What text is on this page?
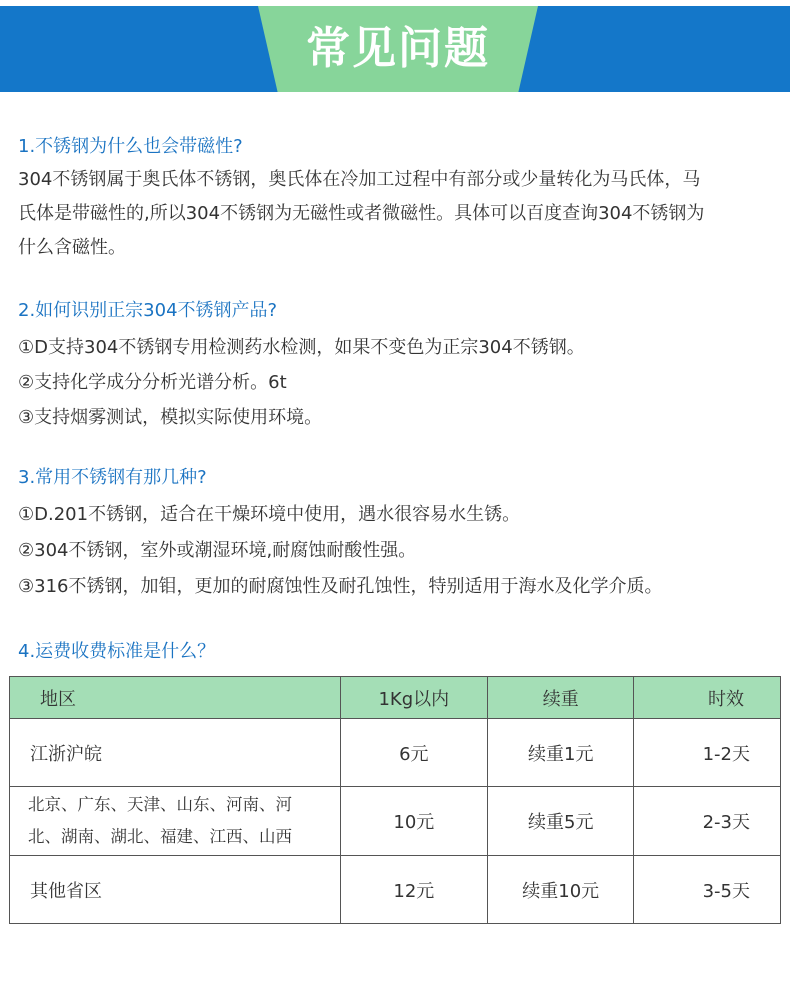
常见问题
1.不锈钢为什么也会带磁性?
304不锈钢属于奥氏体不锈钢，奥氏体在冷加工过程中有部分或少量转化为马氏体，马
氏体是带磁性的,所以304不锈钢为无磁性或者微磁性。具体可以百度查询304不锈钢为
什么含磁性。
2.如何识别正宗304不锈钢产品?
①D支持304不锈钢专用检测药水检测，如果不变色为正宗304不锈钢。
②支持化学成分分析光谱分析。6t
③支持烟雾测试，模拟实际使用环境。
3.常用不锈钢有那几种?
①D.201不锈钢，适合在干燥环境中使用，遇水很容易水生锈。
②304不锈钢，室外或潮湿环境,耐腐蚀耐酸性强。
③316不锈钢，加钼，更加的耐腐蚀性及耐孔蚀性，特别适用于海水及化学介质。
4.运费收费标准是什么？
地区	1Kg以内	续重	时效
江浙沪皖	6元	续重1元	1-2天

北京、广东、天津、山东、河南、河
北、湖南、湖北、福建、江西、山西	10元	续重5元	2-3天
其他省区	12元	续重10元	3-5天
